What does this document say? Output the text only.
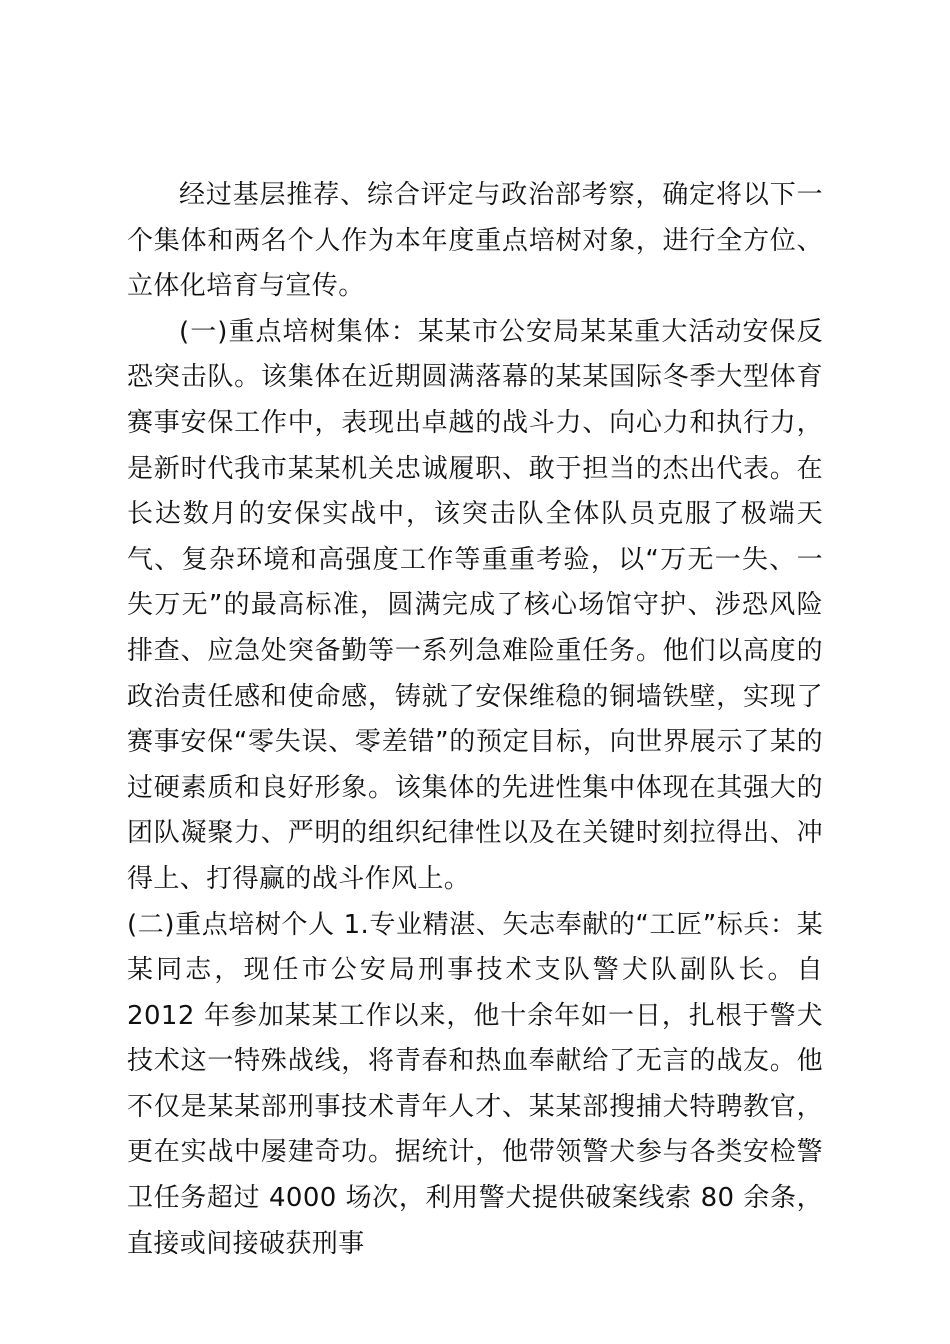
经过基层推荐、综合评定与政治部考察，确定将以下一个集体和两名个人作为本年度重点培树对象，进行全方位、立体化培育与宣传。

(一)重点培树集体：某某市公安局某某重大活动安保反恐突击队。该集体在近期圆满落幕的某某国际冬季大型体育赛事安保工作中，表现出卓越的战斗力、向心力和执行力，是新时代我市某某机关忠诚履职、敢于担当的杰出代表。在长达数月的安保实战中，该突击队全体队员克服了极端天气、复杂环境和高强度工作等重重考验，以“万无一失、一失万无”的最高标准，圆满完成了核心场馆守护、涉恐风险排查、应急处突备勤等一系列急难险重任务。他们以高度的政治责任感和使命感，铸就了安保维稳的铜墙铁壁，实现了赛事安保“零失误、零差错”的预定目标，向世界展示了某的过硬素质和良好形象。该集体的先进性集中体现在其强大的团队凝聚力、严明的组织纪律性以及在关键时刻拉得出、冲得上、打得赢的战斗作风上。

(二)重点培树个人 1.专业精湛、矢志奉献的“工匠”标兵：某某同志，现任市公安局刑事技术支队警犬队副队长。自 2012 年参加某某工作以来，他十余年如一日，扎根于警犬技术这一特殊战线，将青春和热血奉献给了无言的战友。他不仅是某某部刑事技术青年人才、某某部搜捕犬特聘教官，更在实战中屡建奇功。据统计，他带领警犬参与各类安检警卫任务超过 4000 场次，利用警犬提供破案线索 80 余条，直接或间接破获刑事
